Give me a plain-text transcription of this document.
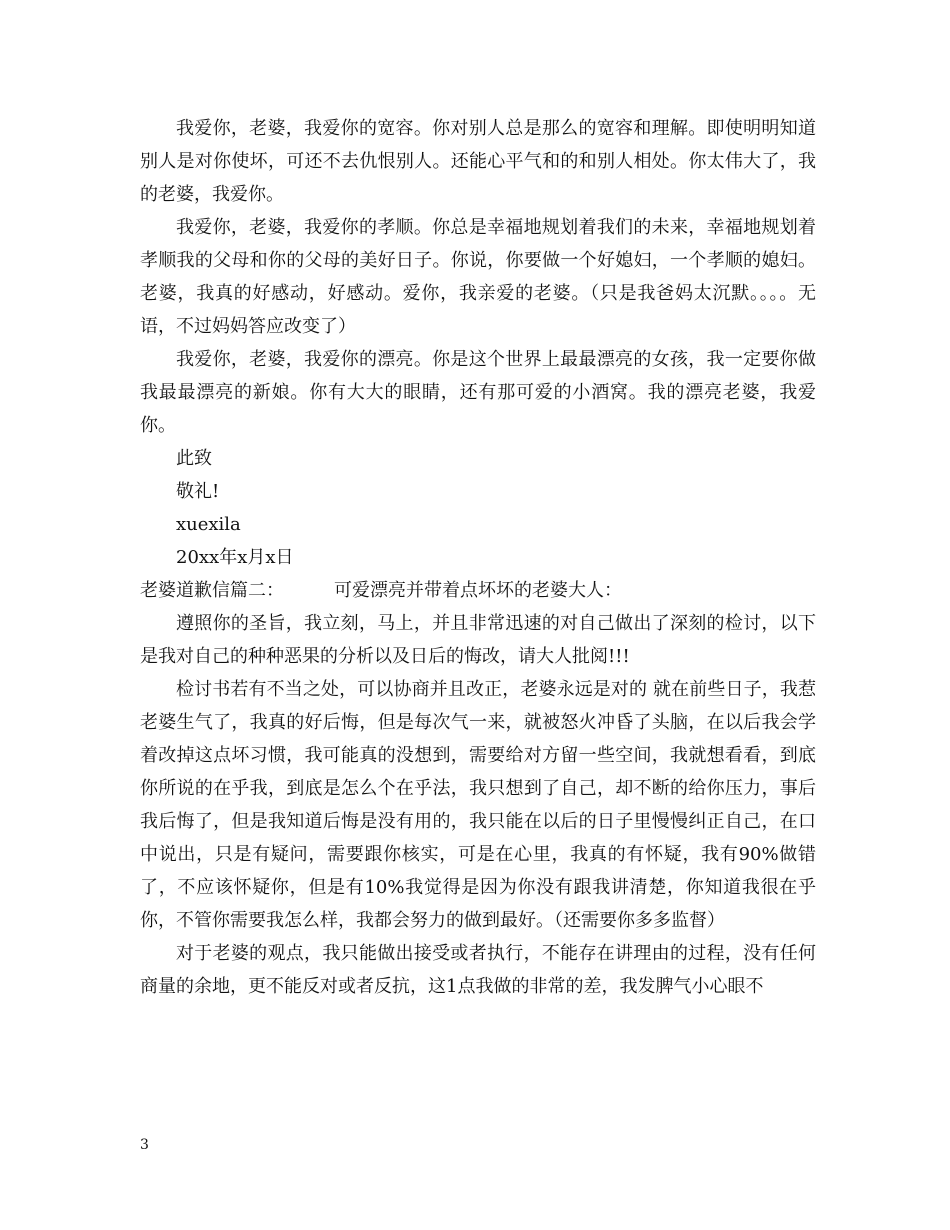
我爱你，老婆，我爱你的宽容。你对别人总是那么的宽容和理解。即使明明知道别人是对你使坏，可还不去仇恨别人。还能心平气和的和别人相处。你太伟大了，我的老婆，我爱你。

我爱你，老婆，我爱你的孝顺。你总是幸福地规划着我们的未来，幸福地规划着孝顺我的父母和你的父母的美好日子。你说，你要做一个好媳妇，一个孝顺的媳妇。老婆，我真的好感动，好感动。爱你，我亲爱的老婆。（只是我爸妈太沉默。。。。无语，不过妈妈答应改变了）

我爱你，老婆，我爱你的漂亮。你是这个世界上最最漂亮的女孩，我一定要你做我最最漂亮的新娘。你有大大的眼睛，还有那可爱的小酒窝。我的漂亮老婆，我爱你。

此致

敬礼!

xuexila

20xx年x月x日

老婆道歉信篇二：	可爱漂亮并带着点坏坏的老婆大人：

遵照你的圣旨，我立刻，马上，并且非常迅速的对自己做出了深刻的检讨，以下是我对自己的种种恶果的分析以及日后的悔改，请大人批阅!!!

检讨书若有不当之处，可以协商并且改正，老婆永远是对的 就在前些日子，我惹老婆生气了，我真的好后悔，但是每次气一来，就被怒火冲昏了头脑，在以后我会学着改掉这点坏习惯，我可能真的没想到，需要给对方留一些空间，我就想看看，到底你所说的在乎我，到底是怎么个在乎法，我只想到了自己，却不断的给你压力，事后我后悔了，但是我知道后悔是没有用的，我只能在以后的日子里慢慢纠正自己，在口中说出，只是有疑问，需要跟你核实，可是在心里，我真的有怀疑，我有90%做错了，不应该怀疑你，但是有10%我觉得是因为你没有跟我讲清楚，你知道我很在乎你，不管你需要我怎么样，我都会努力的做到最好。（还需要你多多监督）

对于老婆的观点，我只能做出接受或者执行，不能存在讲理由的过程，没有任何商量的余地，更不能反对或者反抗，这1点我做的非常的差，我发脾气小心眼不

3
